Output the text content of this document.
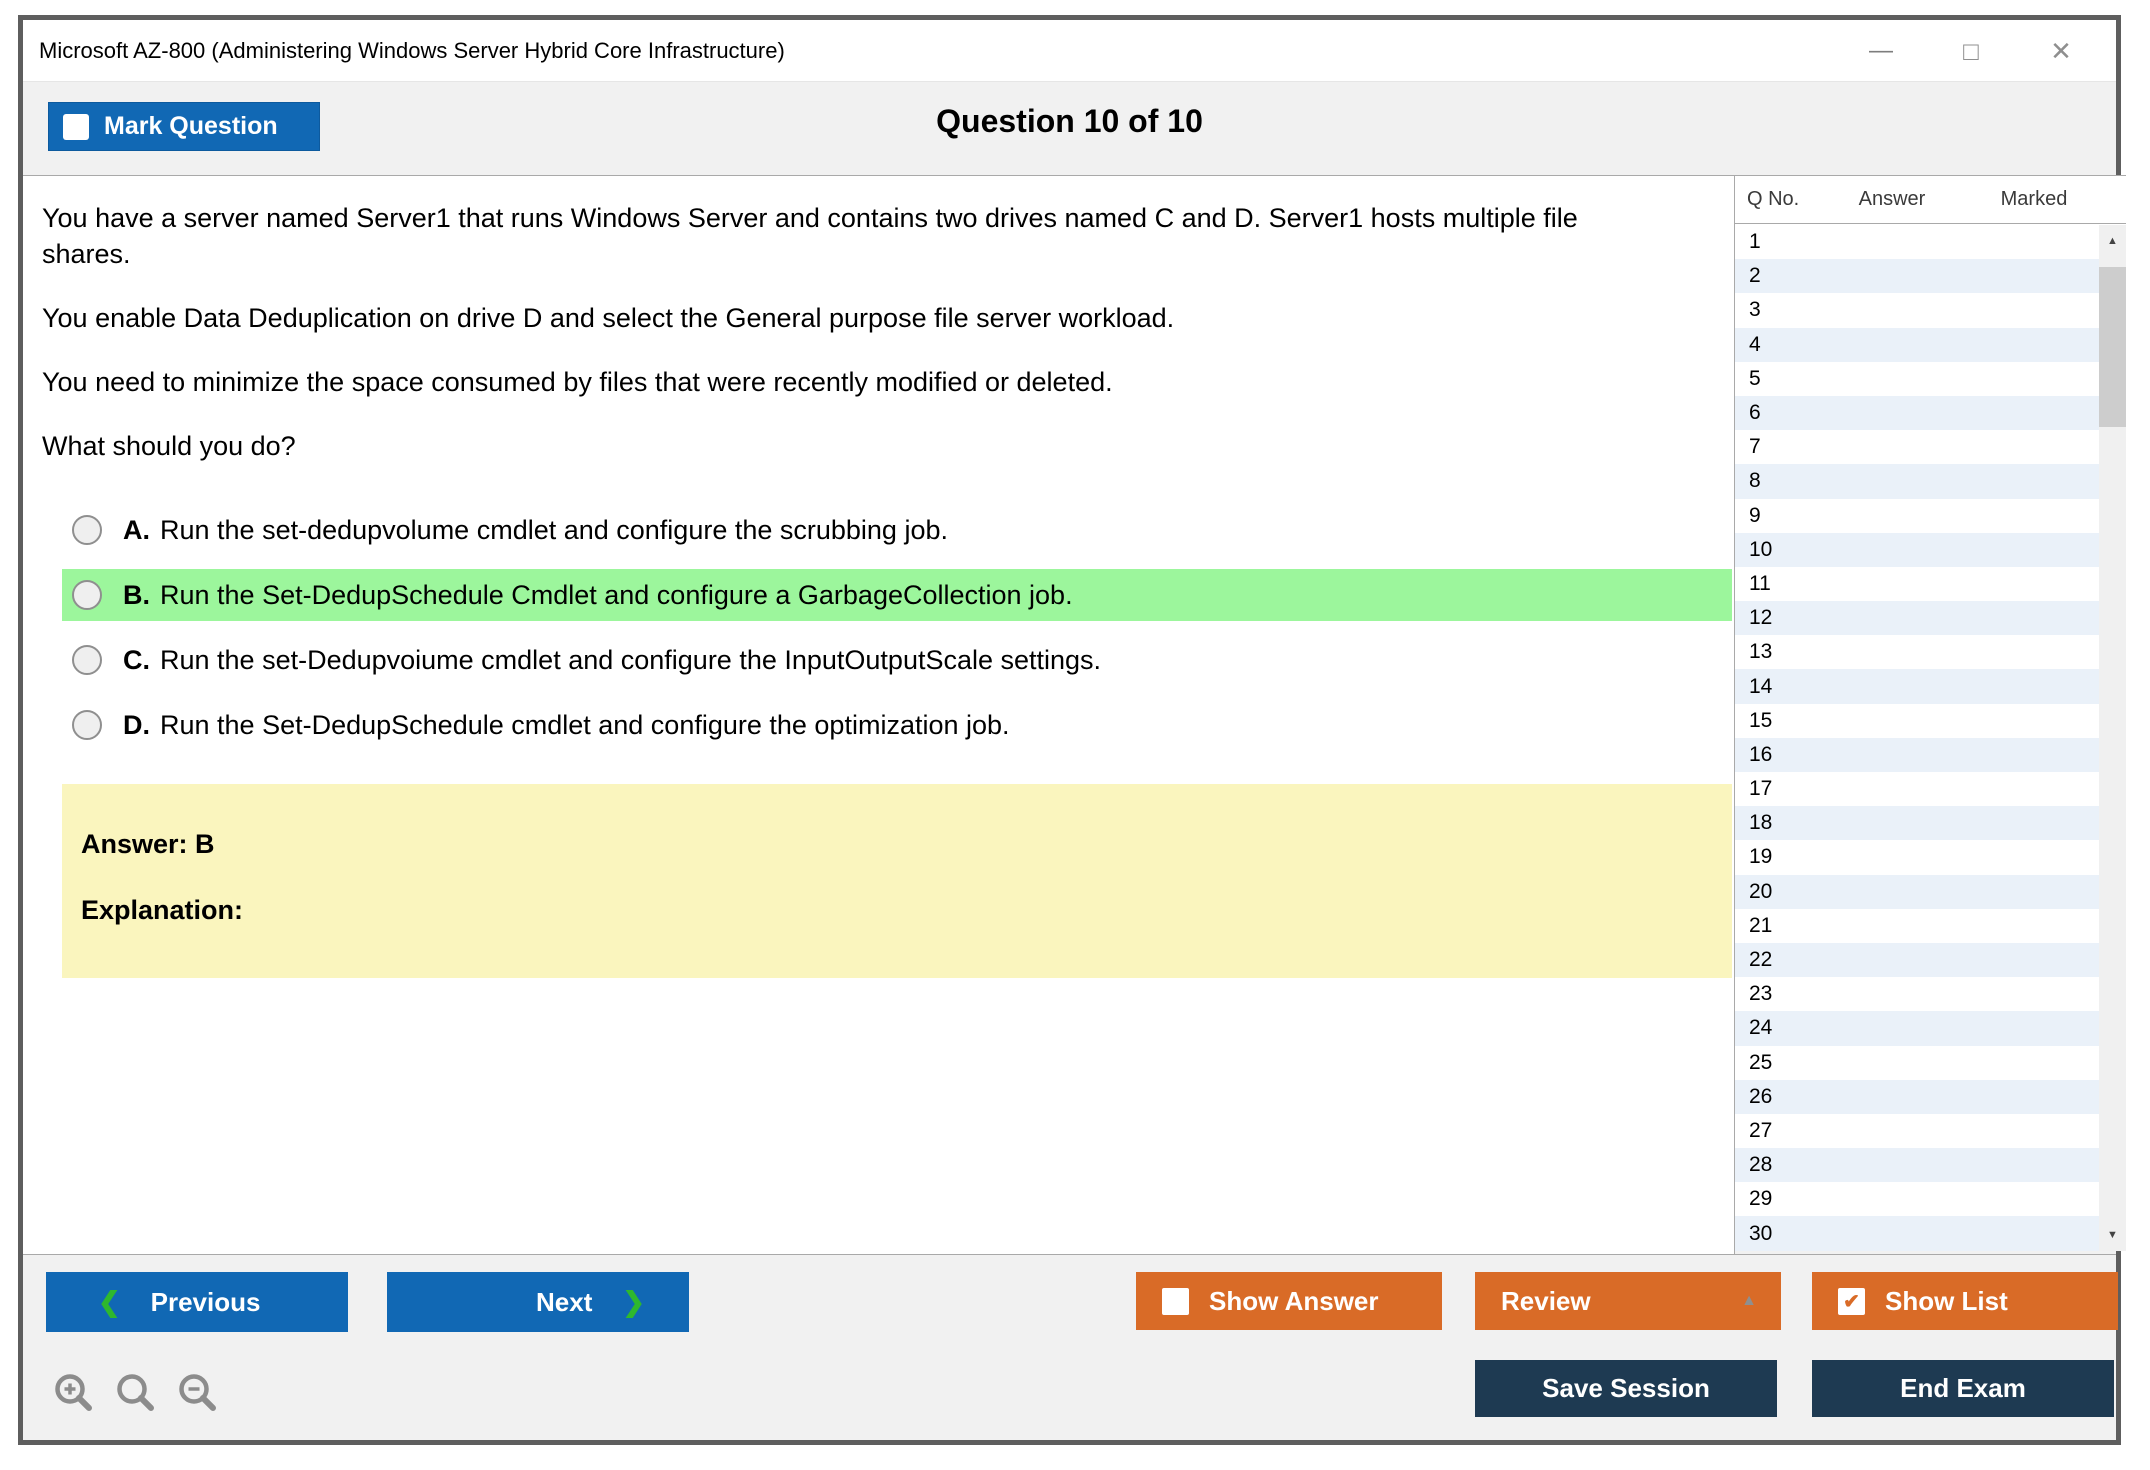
Microsoft AZ-800 (Administering Windows Server Hybrid Core Infrastructure)	—	□	✕
Mark Question	Question 10 of 10

You have a server named Server1 that runs Windows Server and contains two drives named C and D. Server1 hosts multiple file shares.

You enable Data Deduplication on drive D and select the General purpose file server workload.

You need to minimize the space consumed by files that were recently modified or deleted.

What should you do?

A. Run the set-dedupvolume cmdlet and configure the scrubbing job.
B. Run the Set-DedupSchedule Cmdlet and configure a GarbageCollection job.
C. Run the set-Dedupvoiume cmdlet and configure the InputOutputScale settings.
D. Run the Set-DedupSchedule cmdlet and configure the optimization job.

Answer: B

Explanation:

Q No.	Answer	Marked
1
2
3
4
5
6
7
8
9
10
11
12
13
14
15
16
17
18
19
20
21
22
23
24
25
26
27
28
29
30
▲
▼
❮ Previous	Next ❯	Show Answer	Review	▲	✔ Show List
Save Session	End Exam
